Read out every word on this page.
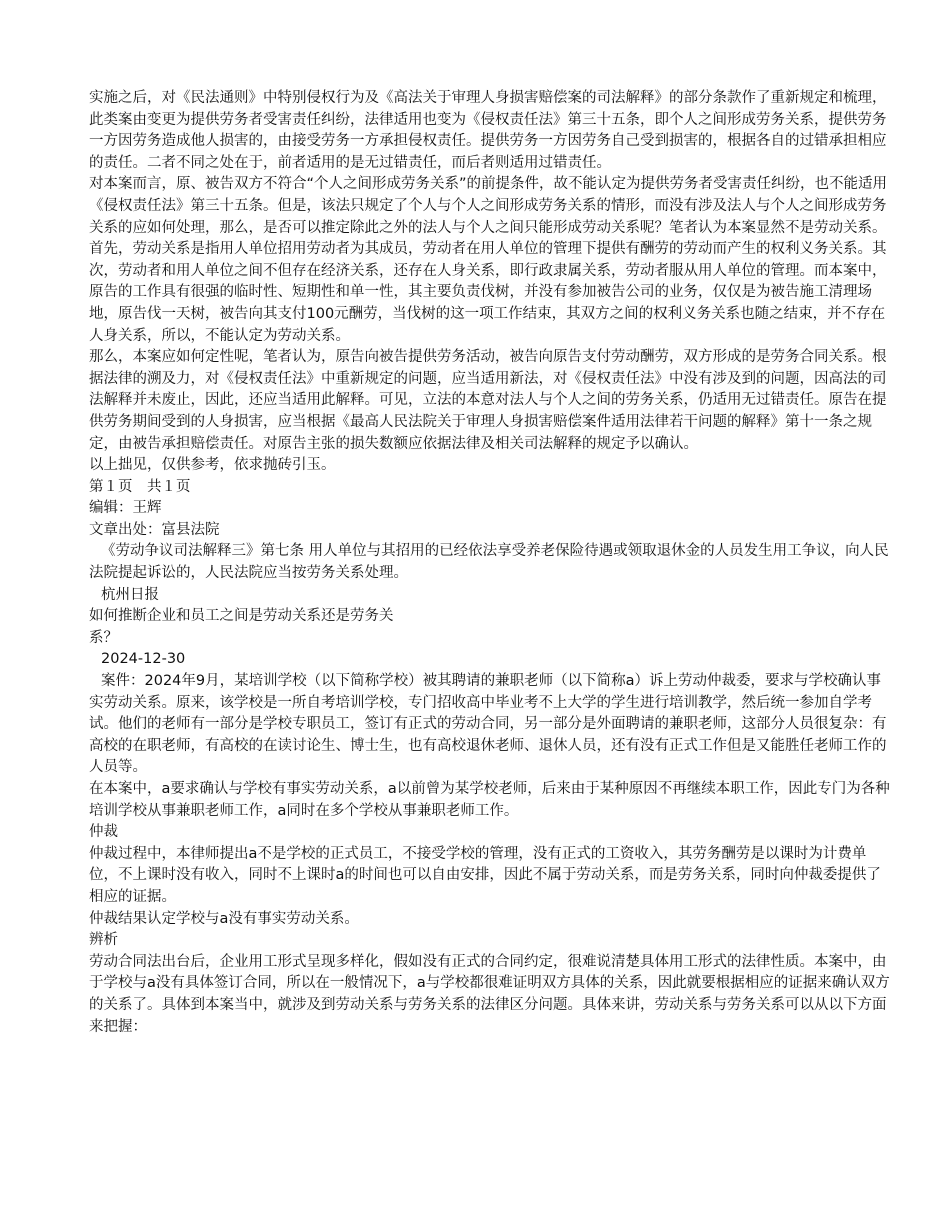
实施之后，对《民法通则》中特别侵权行为及《高法关于审理人身损害赔偿案的司法解释》的部分条款作了重新规定和梳理，此类案由变更为提供劳务者受害责任纠纷，法律适用也变为《侵权责任法》第三十五条，即个人之间形成劳务关系，提供劳务一方因劳务造成他人损害的，由接受劳务一方承担侵权责任。提供劳务一方因劳务自己受到损害的，根据各自的过错承担相应的责任。二者不同之处在于，前者适用的是无过错责任，而后者则适用过错责任。

对本案而言，原、被告双方不符合“个人之间形成劳务关系”的前提条件，故不能认定为提供劳务者受害责任纠纷，也不能适用《侵权责任法》第三十五条。但是，该法只规定了个人与个人之间形成劳务关系的情形，而没有涉及法人与个人之间形成劳务关系的应如何处理，那么，是否可以推定除此之外的法人与个人之间只能形成劳动关系呢？笔者认为本案显然不是劳动关系。首先，劳动关系是指用人单位招用劳动者为其成员，劳动者在用人单位的管理下提供有酬劳的劳动而产生的权利义务关系。其次，劳动者和用人单位之间不但存在经济关系，还存在人身关系，即行政隶属关系，劳动者服从用人单位的管理。而本案中，原告的工作具有很强的临时性、短期性和单一性，其主要负责伐树，并没有参加被告公司的业务，仅仅是为被告施工清理场地，原告伐一天树，被告向其支付100元酬劳，当伐树的这一项工作结束，其双方之间的权利义务关系也随之结束，并不存在人身关系，所以，不能认定为劳动关系。

那么，本案应如何定性呢，笔者认为，原告向被告提供劳务活动，被告向原告支付劳动酬劳，双方形成的是劳务合同关系。根据法律的溯及力，对《侵权责任法》中重新规定的问题，应当适用新法，对《侵权责任法》中没有涉及到的问题，因高法的司法解释并未废止，因此，还应当适用此解释。可见，立法的本意对法人与个人之间的劳务关系，仍适用无过错责任。原告在提供劳务期间受到的人身损害，应当根据《最高人民法院关于审理人身损害赔偿案件适用法律若干问题的解释》第十一条之规定，由被告承担赔偿责任。对原告主张的损失数额应依据法律及相关司法解释的规定予以确认。

以上拙见，仅供参考，依求抛砖引玉。

第１页　共１页

编辑：王辉

文章出处：富县法院

《劳动争议司法解释三》第七条 用人单位与其招用的已经依法享受养老保险待遇或领取退休金的人员发生用工争议，向人民法院提起诉讼的，人民法院应当按劳务关系处理。

杭州日报

如何推断企业和员工之间是劳动关系还是劳务关
系？

2024-12-30

案件：2024年9月，某培训学校（以下简称学校）被其聘请的兼职老师（以下简称a）诉上劳动仲裁委，要求与学校确认事实劳动关系。原来，该学校是一所自考培训学校，专门招收高中毕业考不上大学的学生进行培训教学，然后统一参加自学考试。他们的老师有一部分是学校专职员工，签订有正式的劳动合同，另一部分是外面聘请的兼职老师，这部分人员很复杂：有高校的在职老师，有高校的在读讨论生、博士生，也有高校退休老师、退休人员，还有没有正式工作但是又能胜任老师工作的人员等。

在本案中，a要求确认与学校有事实劳动关系，a以前曾为某学校老师，后来由于某种原因不再继续本职工作，因此专门为各种培训学校从事兼职老师工作，a同时在多个学校从事兼职老师工作。

仲裁

仲裁过程中，本律师提出a不是学校的正式员工，不接受学校的管理，没有正式的工资收入，其劳务酬劳是以课时为计费单位，不上课时没有收入，同时不上课时a的时间也可以自由安排，因此不属于劳动关系，而是劳务关系，同时向仲裁委提供了相应的证据。

仲裁结果认定学校与a没有事实劳动关系。

辨析

劳动合同法出台后，企业用工形式呈现多样化，假如没有正式的合同约定，很难说清楚具体用工形式的法律性质。本案中，由于学校与a没有具体签订合同，所以在一般情况下，a与学校都很难证明双方具体的关系，因此就要根据相应的证据来确认双方的关系了。具体到本案当中，就涉及到劳动关系与劳务关系的法律区分问题。具体来讲，劳动关系与劳务关系可以从以下方面来把握：
